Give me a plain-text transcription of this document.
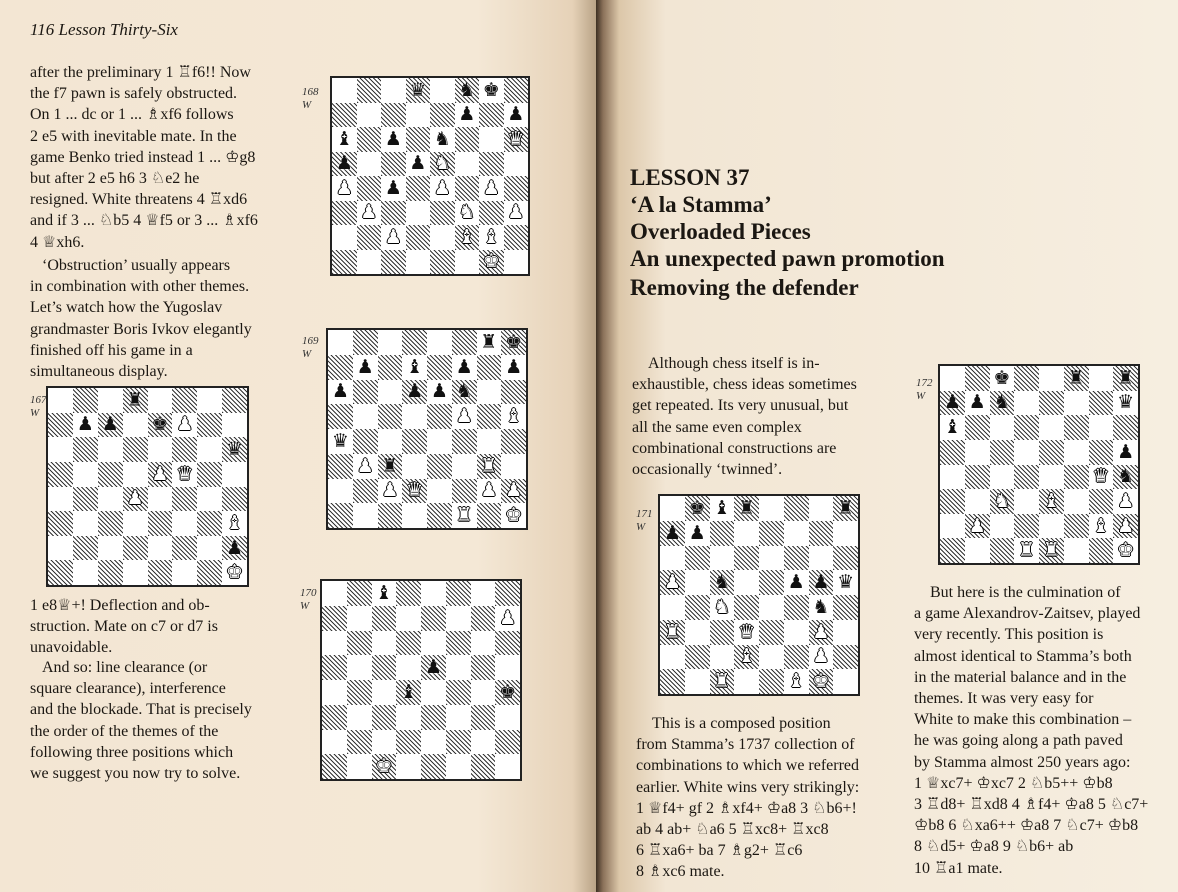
116 Lesson Thirty-Six
after the preliminary 1 ♖f6!! Now
the f7 pawn is safely obstructed.
On 1 ... dc or 1 ... ♗xf6 follows
2 e5 with inevitable mate. In the
game Benko tried instead 1 ... ♔g8
but after 2 e5 h6 3 ♘e2 he
resigned. White threatens 4 ♖xd6
and if 3 ... ♘b5 4 ♕f5 or 3 ... ♗xf6
4 ♕xh6.
‘Obstruction’ usually appears
in combination with other themes.
Let’s watch how the Yugoslav
grandmaster Boris Ivkov elegantly
finished off his game in a
simultaneous display.
1 e8♕+! Deflection and ob-
struction. Mate on c7 or d7 is
unavoidable.
And so: line clearance (or
square clearance), interference
and the blockade. That is precisely
the order of the themes of the
following three positions which
we suggest you now try to solve.
168
W
♛ ♞ ♚
♟ ♟
♝ ♟ ♞	♛
♟	♟ ♞
♟ ♟ ♟ ♟
♟	♞ ♟
♟	♝ ♝
♚
169
W
♜ ♚
♟ ♝ ♟ ♟
♟	♟ ♟ ♞
♟ ♝
♛
♟ ♜	♜
♟ ♛	♟ ♟
♜ ♚
170
W
♝
♟
♟
♝	♚
♚
167
W
♜
♟ ♟ ♚ ♟
♛
♟ ♛
♟
♝
♟
♚
LESSON 37
‘A la Stamma’
Overloaded Pieces
An unexpected pawn promotion
Removing the defender
Although chess itself is in-
exhaustible, chess ideas sometimes
get repeated. Its very unusual, but
all the same even complex
combinational constructions are
occasionally ‘twinned’.
This is a composed position
from Stamma’s 1737 collection of
combinations to which we referred
earlier. White wins very strikingly:
1 ♕f4+ gf 2 ♗xf4+ ♔a8 3 ♘b6+!
ab 4 ab+ ♘a6 5 ♖xc8+ ♖xc8
6 ♖xa6+ ba 7 ♗g2+ ♖c6
8 ♗xc6 mate.
But here is the culmination of
a game Alexandrov-Zaitsev, played
very recently. This position is
almost identical to Stamma’s both
in the material balance and in the
themes. It was very easy for
White to make this combination –
he was going along a path paved
by Stamma almost 250 years ago:
1 ♕xc7+ ♔xc7 2 ♘b5++ ♔b8
3 ♖d8+ ♖xd8 4 ♗f4+ ♔a8 5 ♘c7+
♔b8 6 ♘xa6++ ♔a8 7 ♘c7+ ♔b8
8 ♘d5+ ♔a8 9 ♘b6+ ab
10 ♖a1 mate.
171
W
♚ ♝ ♜	♜
♟ ♟
♟ ♞	♟ ♟ ♛
♞	♞
♜	♛	♟
♝	♟
♜	♝ ♚
172
W
♚	♜ ♜
♟ ♟ ♞	♛
♝
♟
♛ ♞
♞ ♝	♟
♟	♝ ♟
♜ ♜	♚
